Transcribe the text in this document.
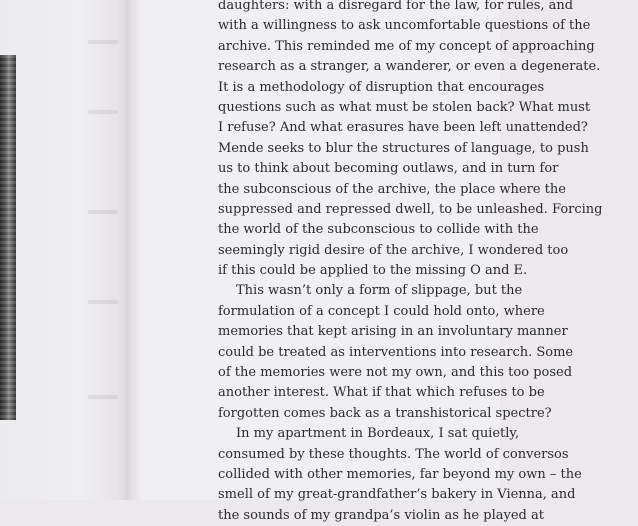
daughters: with a disregard for the law, for rules, and
with a willingness to ask uncomfortable questions of the
archive. This reminded me of my concept of approaching
research as a stranger, a wanderer, or even a degenerate.
It is a methodology of disruption that encourages
questions such as what must be stolen back? What must
I refuse? And what erasures have been left unattended?
Mende seeks to blur the structures of language, to push
us to think about becoming outlaws, and in turn for
the subconscious of the archive, the place where the
suppressed and repressed dwell, to be unleashed. Forcing
the world of the subconscious to collide with the
seemingly rigid desire of the archive, I wondered too
if this could be applied to the missing O and E.
This wasn’t only a form of slippage, but the
formulation of a concept I could hold onto, where
memories that kept arising in an involuntary manner
could be treated as interventions into research. Some
of the memories were not my own, and this too posed
another interest. What if that which refuses to be
forgotten comes back as a transhistorical spectre?
In my apartment in Bordeaux, I sat quietly,
consumed by these thoughts. The world of conversos
collided with other memories, far beyond my own – the
smell of my great-grandfather’s bakery in Vienna, and
the sounds of my grandpa’s violin as he played at
